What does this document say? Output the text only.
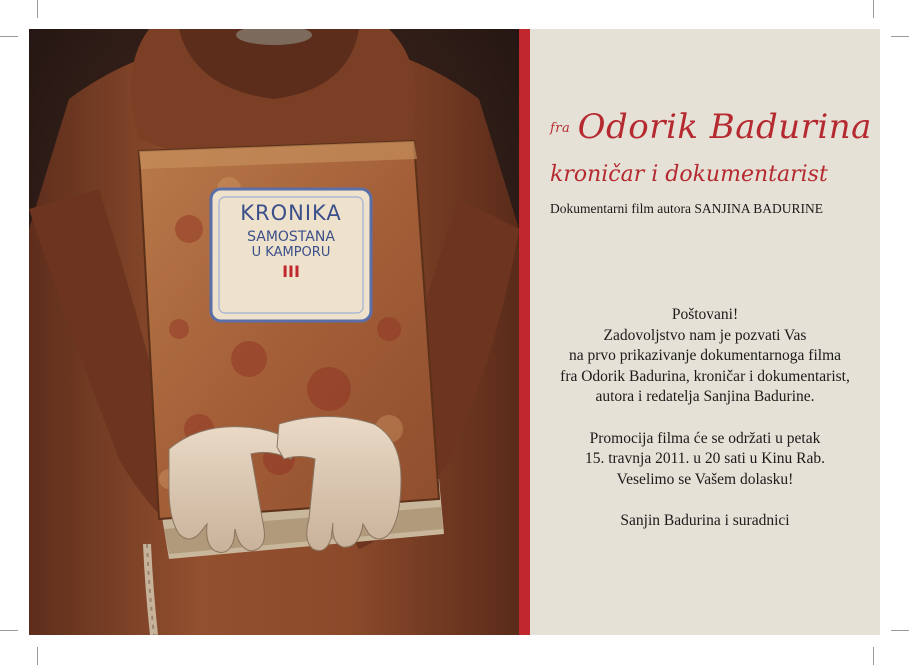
KRONIKA
SAMOSTANA
U KAMPORU
III
fra Odorik Badurina
kroničar i dokumentarist
Dokumentarni film autora SANJINA BADURINE
Poštovani!
Zadovoljstvo nam je pozvati Vas
na prvo prikazivanje dokumentarnoga filma
fra Odorik Badurina, kroničar i dokumentarist,
autora i redatelja Sanjina Badurine.
Promocija filma će se održati u petak
15. travnja 2011. u 20 sati u Kinu Rab.
Veselimo se Vašem dolasku!
Sanjin Badurina i suradnici
